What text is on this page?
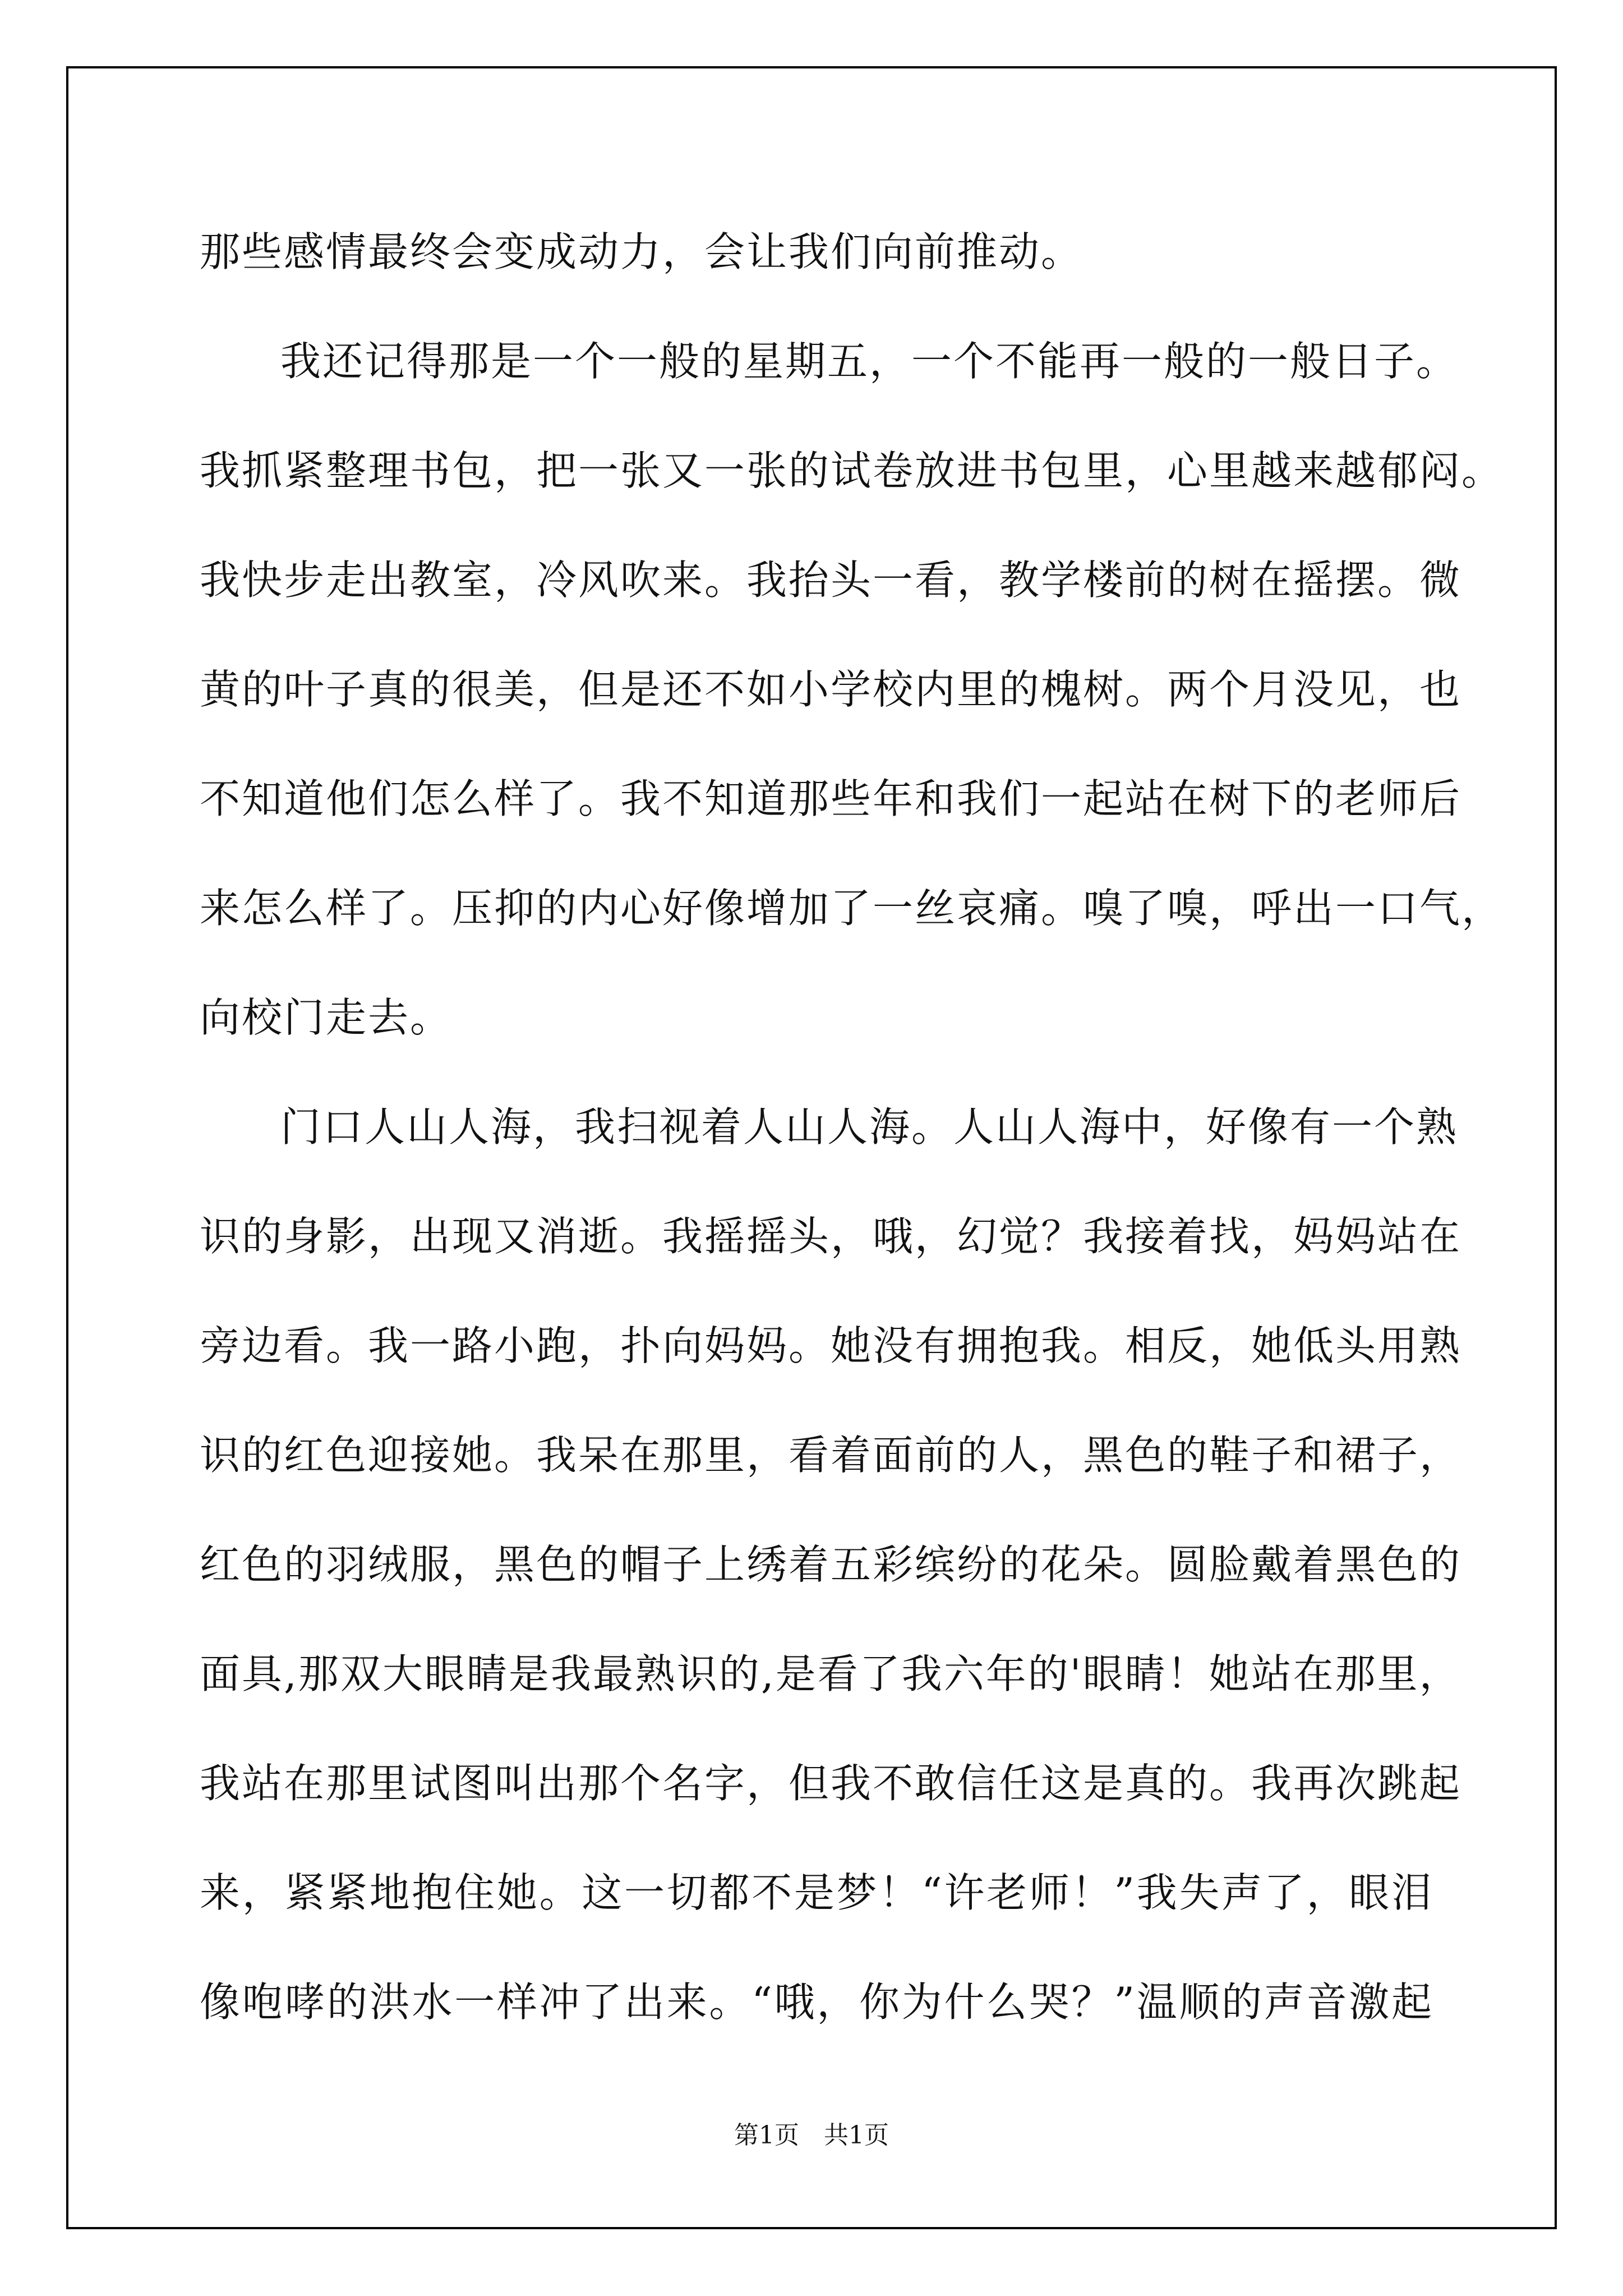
那些感情最终会变成动力，会让我们向前推动。
我还记得那是一个一般的星期五，一个不能再一般的一般日子。
我抓紧整理书包，把一张又一张的试卷放进书包里，心里越来越郁闷。
我快步走出教室，冷风吹来。我抬头一看，教学楼前的树在摇摆。微
黄的叶子真的很美，但是还不如小学校内里的槐树。两个月没见，也
不知道他们怎么样了。我不知道那些年和我们一起站在树下的老师后
来怎么样了。压抑的内心好像增加了一丝哀痛。嗅了嗅，呼出一口气，
向校门走去。
门口人山人海，我扫视着人山人海。人山人海中，好像有一个熟
识的身影，出现又消逝。我摇摇头，哦，幻觉？我接着找，妈妈站在
旁边看。我一路小跑，扑向妈妈。她没有拥抱我。相反，她低头用熟
识的红色迎接她。我呆在那里，看着面前的人，黑色的鞋子和裙子，
红色的羽绒服，黑色的帽子上绣着五彩缤纷的花朵。圆脸戴着黑色的
面具,那双大眼睛是我最熟识的,是看了我六年的'眼睛！她站在那里，
我站在那里试图叫出那个名字，但我不敢信任这是真的。我再次跳起
来，紧紧地抱住她。这一切都不是梦！“许老师！”我失声了，眼泪
像咆哮的洪水一样冲了出来。“哦，你为什么哭？”温顺的声音激起
第1页　共1页
